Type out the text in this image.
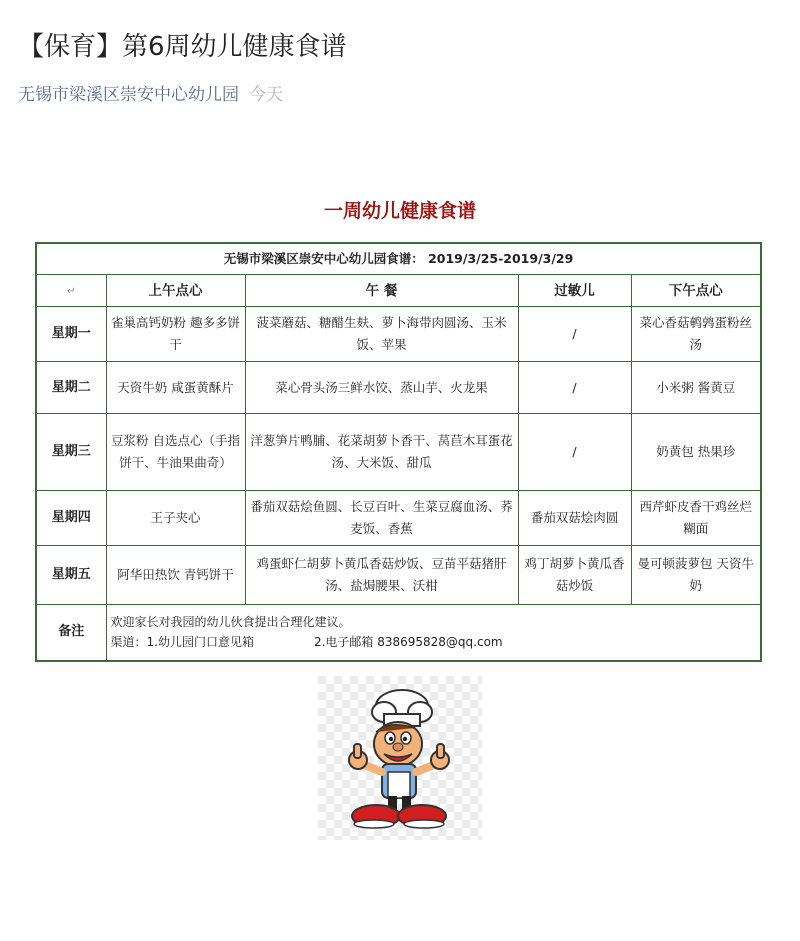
【保育】第6周幼儿健康食谱
无锡市梁溪区崇安中心幼儿园 今天
一周幼儿健康食谱
无锡市梁溪区崇安中心幼儿园食谱： 2019/3/25-2019/3/29				
↵	上午点心	午 餐	过敏儿	下午点心
星期一	雀巢高钙奶粉 趣多多饼干	菠菜蘑菇、糖醋生麸、萝卜海带肉圆汤、玉米饭、苹果	/	菜心香菇鹌鹑蛋粉丝汤
星期二	天资牛奶 咸蛋黄酥片	菜心骨头汤三鲜水饺、蒸山芋、火龙果	/	小米粥 酱黄豆
星期三	豆浆粉 自选点心（手指饼干、牛油果曲奇）	洋葱笋片鸭脯、花菜胡萝卜香干、莴苣木耳蛋花汤、大米饭、甜瓜	/	奶黄包 热果珍
星期四	王子夹心	番茄双菇烩鱼圆、长豆百叶、生菜豆腐血汤、荞麦饭、香蕉	番茄双菇烩肉圆	西芹虾皮香干鸡丝烂糊面
星期五	阿华田热饮 青钙饼干	鸡蛋虾仁胡萝卜黄瓜香菇炒饭、豆苗平菇猪肝汤、盐焗腰果、沃柑	鸡丁胡萝卜黄瓜香菇炒饭	曼可顿菠萝包 天资牛奶
备注	欢迎家长对我园的幼儿伙食提出合理化建议。
渠道：1.幼儿园门口意见箱 2.电子邮箱 838695828@qq.com			
